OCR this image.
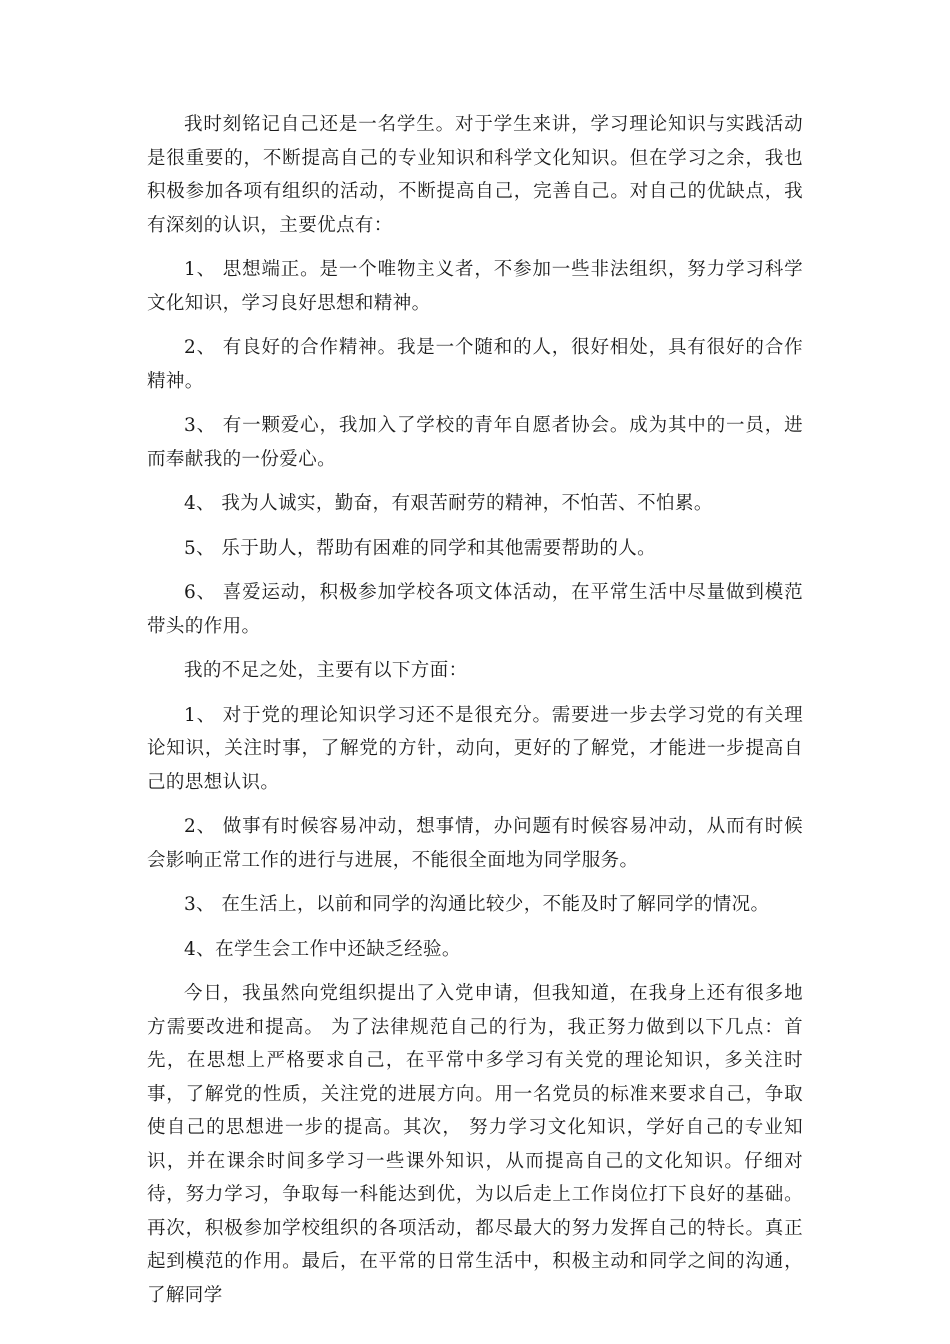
我时刻铭记自己还是一名学生。对于学生来讲，学习理论知识与实践活动是很重要的，不断提高自己的专业知识和科学文化知识。但在学习之余，我也积极参加各项有组织的活动，不断提高自己，完善自己。对自己的优缺点，我有深刻的认识，主要优点有：

1、 思想端正。是一个唯物主义者，不参加一些非法组织，努力学习科学文化知识，学习良好思想和精神。

2、 有良好的合作精神。我是一个随和的人，很好相处，具有很好的合作精神。

3、 有一颗爱心，我加入了学校的青年自愿者协会。成为其中的一员，进而奉献我的一份爱心。

4、 我为人诚实，勤奋，有艰苦耐劳的精神，不怕苦、不怕累。

5、 乐于助人，帮助有困难的同学和其他需要帮助的人。

6、 喜爱运动，积极参加学校各项文体活动，在平常生活中尽量做到模范带头的作用。

我的不足之处，主要有以下方面：

1、 对于党的理论知识学习还不是很充分。需要进一步去学习党的有关理论知识，关注时事，了解党的方针，动向，更好的了解党，才能进一步提高自己的思想认识。

2、 做事有时候容易冲动，想事情，办问题有时候容易冲动，从而有时候会影响正常工作的进行与进展，不能很全面地为同学服务。

3、 在生活上，以前和同学的沟通比较少，不能及时了解同学的情况。

4、在学生会工作中还缺乏经验。

今日，我虽然向党组织提出了入党申请，但我知道，在我身上还有很多地方需要改进和提高。 为了法律规范自己的行为，我正努力做到以下几点：首先，在思想上严格要求自己，在平常中多学习有关党的理论知识，多关注时事，了解党的性质，关注党的进展方向。用一名党员的标准来要求自己，争取使自己的思想进一步的提高。其次， 努力学习文化知识，学好自己的专业知识，并在课余时间多学习一些课外知识，从而提高自己的文化知识。仔细对待，努力学习，争取每一科能达到优，为以后走上工作岗位打下良好的基础。再次，积极参加学校组织的各项活动，都尽最大的努力发挥自己的特长。真正起到模范的作用。最后，在平常的日常生活中，积极主动和同学之间的沟通，了解同学
